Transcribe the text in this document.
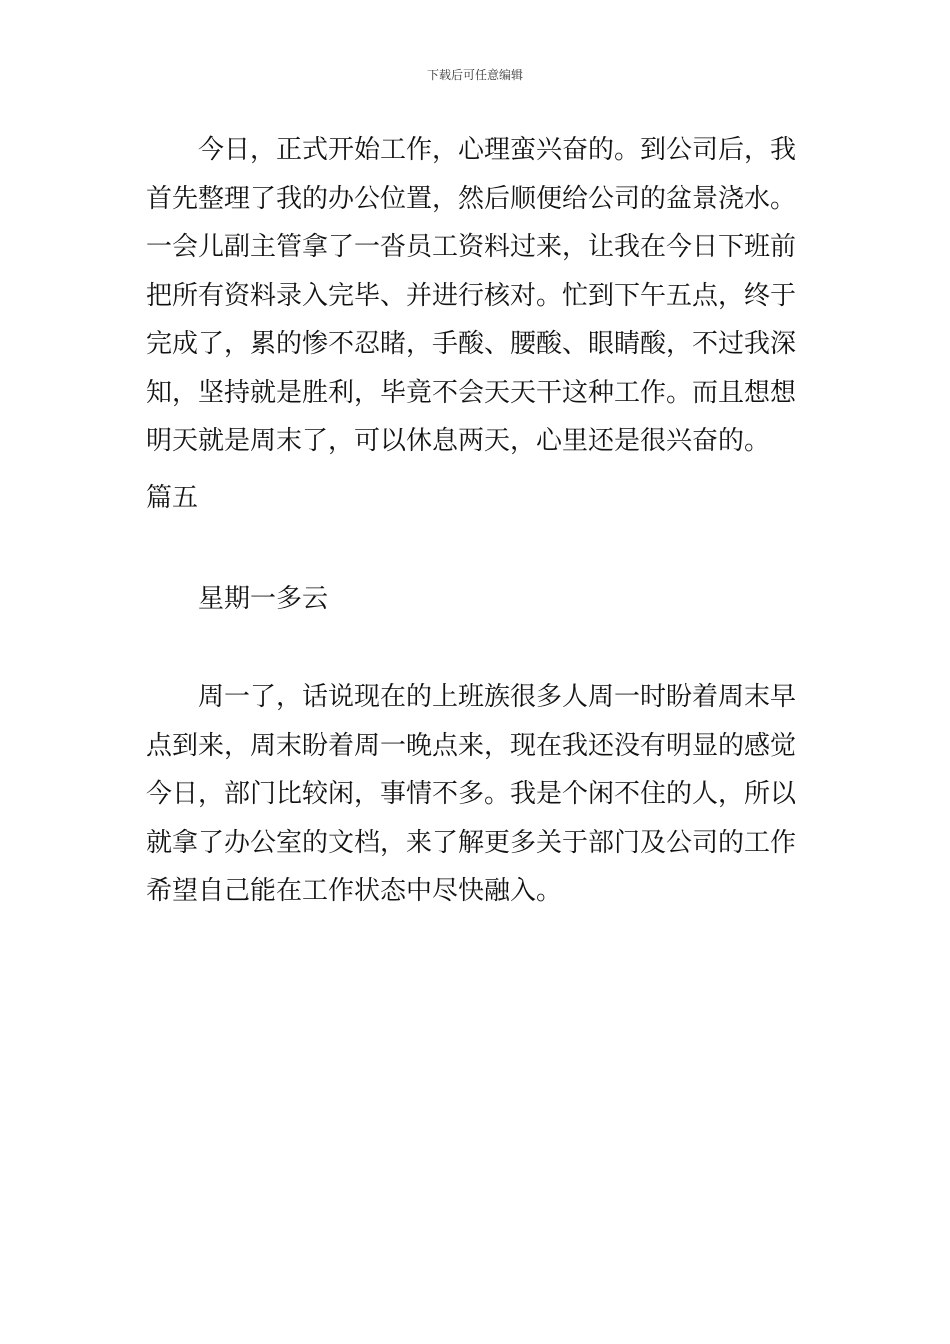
下载后可任意编辑
今日，正式开始工作，心理蛮兴奋的。到公司后，我
首先整理了我的办公位置，然后顺便给公司的盆景浇水。
一会儿副主管拿了一沓员工资料过来，让我在今日下班前
把所有资料录入完毕、并进行核对。忙到下午五点，终于
完成了，累的惨不忍睹，手酸、腰酸、眼睛酸，不过我深
知，坚持就是胜利，毕竟不会天天干这种工作。而且想想
明天就是周末了，可以休息两天，心里还是很兴奋的。
篇五
星期一多云
周一了，话说现在的上班族很多人周一时盼着周末早
点到来，周末盼着周一晚点来，现在我还没有明显的感觉
今日，部门比较闲，事情不多。我是个闲不住的人，所以
就拿了办公室的文档，来了解更多关于部门及公司的工作
希望自己能在工作状态中尽快融入。
